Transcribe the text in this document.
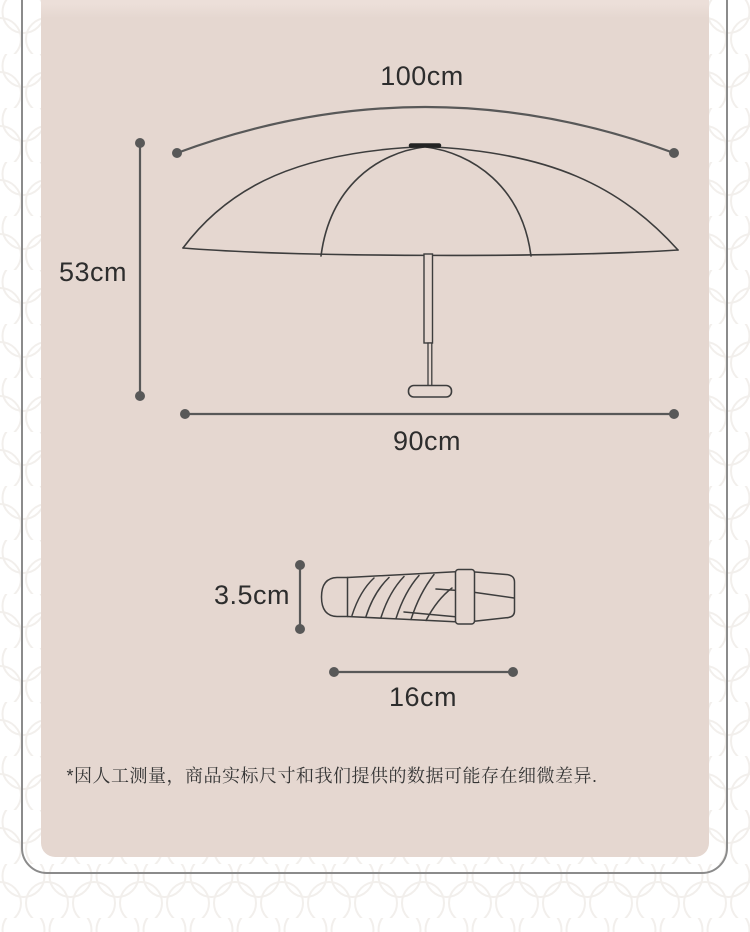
100cm
53cm
90cm
3.5cm
16cm
*因人工测量，商品实标尺寸和我们提供的数据可能存在细微差异.
